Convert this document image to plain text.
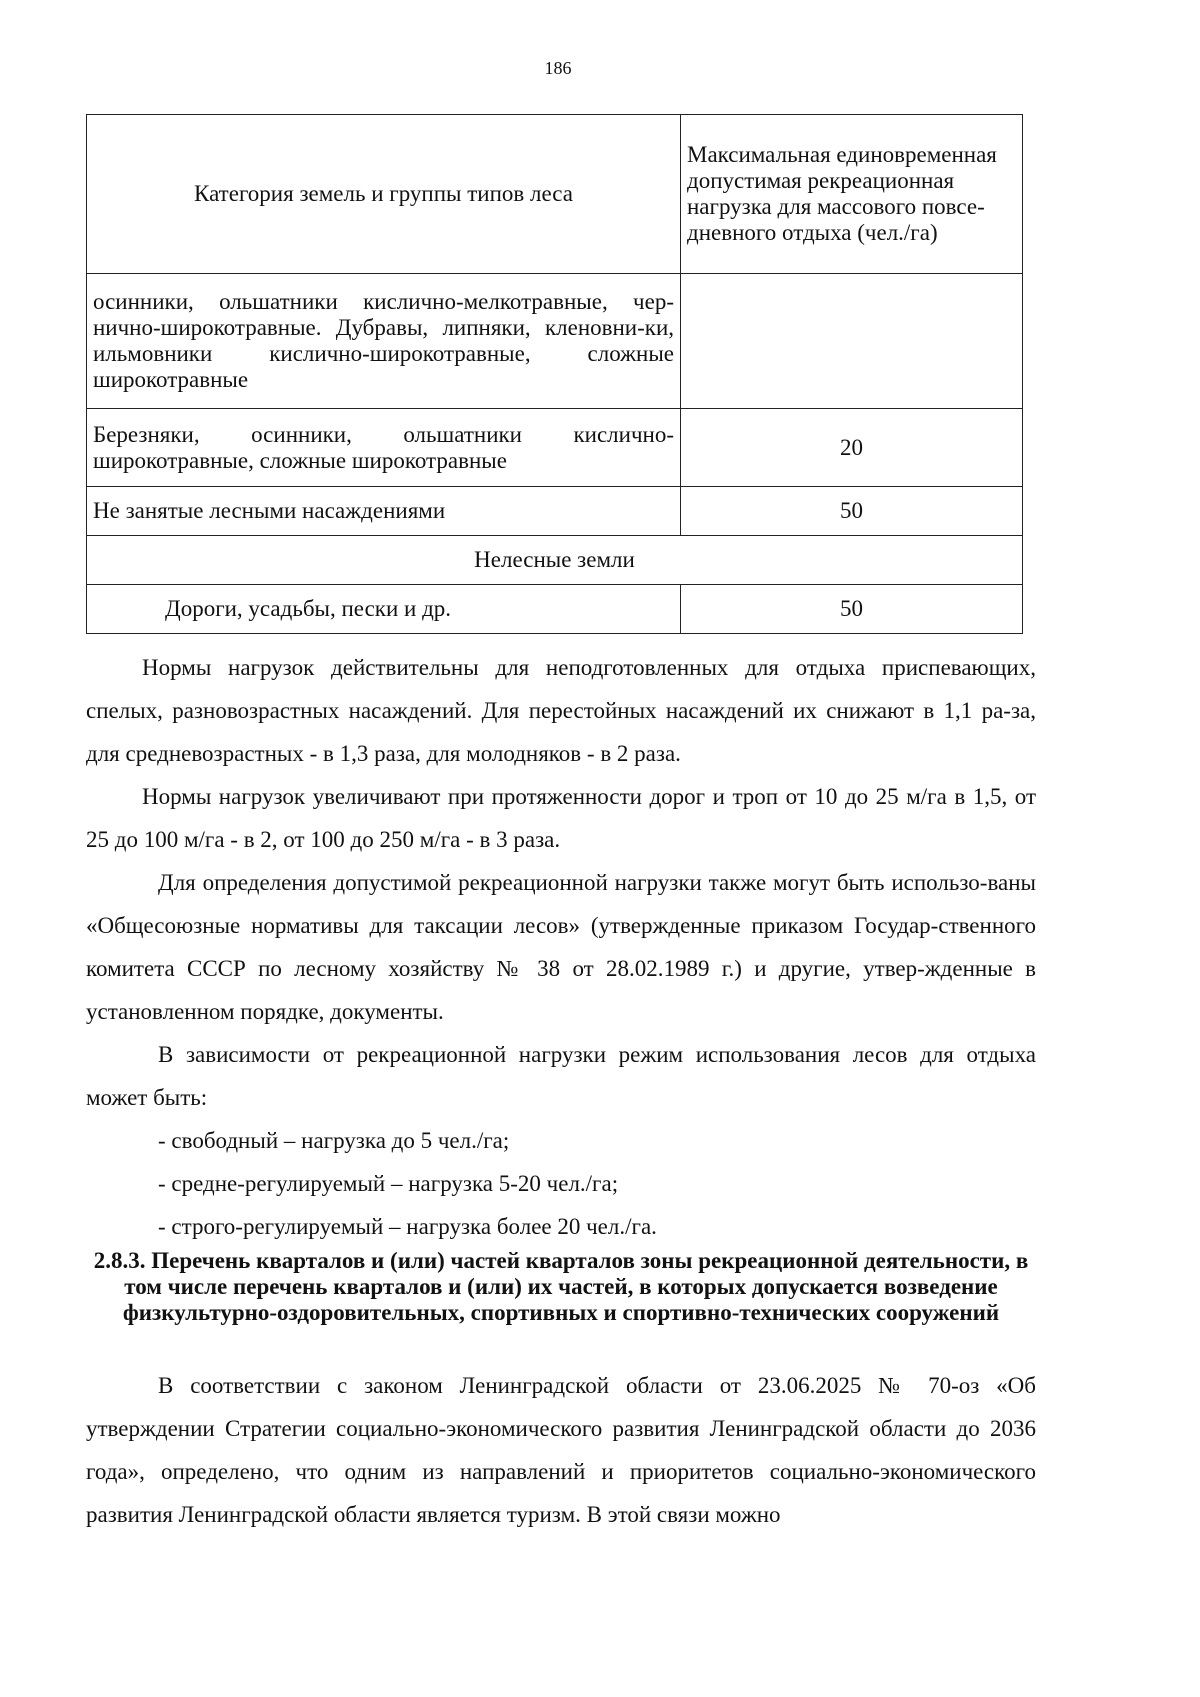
186
Категория земель и группы типов леса	Максимальная единовременная допустимая рекреационная нагрузка для массового повсе-дневного отдыха (чел./га)
осинники, ольшатники кислично-мелкотравные, чер-нично-широкотравные. Дубравы, липняки, кленовни-ки, ильмовники кислично-широкотравные, сложные широкотравные	
Березняки, осинники, ольшатники кислично-широкотравные, сложные широкотравные	20
Не занятые лесными насаждениями	50
Нелесные земли	
Дороги, усадьбы, пески и др.	50

Нормы нагрузок действительны для неподготовленных для отдыха приспевающих, спелых, разновозрастных насаждений. Для перестойных насаждений их снижают в 1,1 ра-за, для средневозрастных - в 1,3 раза, для молодняков - в 2 раза.

Нормы нагрузок увеличивают при протяженности дорог и троп от 10 до 25 м/га в 1,5, от 25 до 100 м/га - в 2, от 100 до 250 м/га - в 3 раза.

Для определения допустимой рекреационной нагрузки также могут быть использо-ваны «Общесоюзные нормативы для таксации лесов» (утвержденные приказом Государ-ственного комитета СССР по лесному хозяйству № 38 от 28.02.1989 г.) и другие, утвер-жденные в установленном порядке, документы.

В зависимости от рекреационной нагрузки режим использования лесов для отдыха может быть:

- свободный – нагрузка до 5 чел./га;

- средне-регулируемый – нагрузка 5-20 чел./га;

- строго-регулируемый – нагрузка более 20 чел./га.

2.8.3. Перечень кварталов и (или) частей кварталов зоны рекреационной деятельности, в том числе перечень кварталов и (или) их частей, в которых допускается возведение физкультурно-оздоровительных, спортивных и спортивно-технических сооружений

В соответствии с законом Ленинградской области от 23.06.2025 № 70-оз «Об утверждении Стратегии социально-экономического развития Ленинградской области до 2036 года», определено, что одним из направлений и приоритетов социально-экономического развития Ленинградской области является туризм. В этой связи можно
